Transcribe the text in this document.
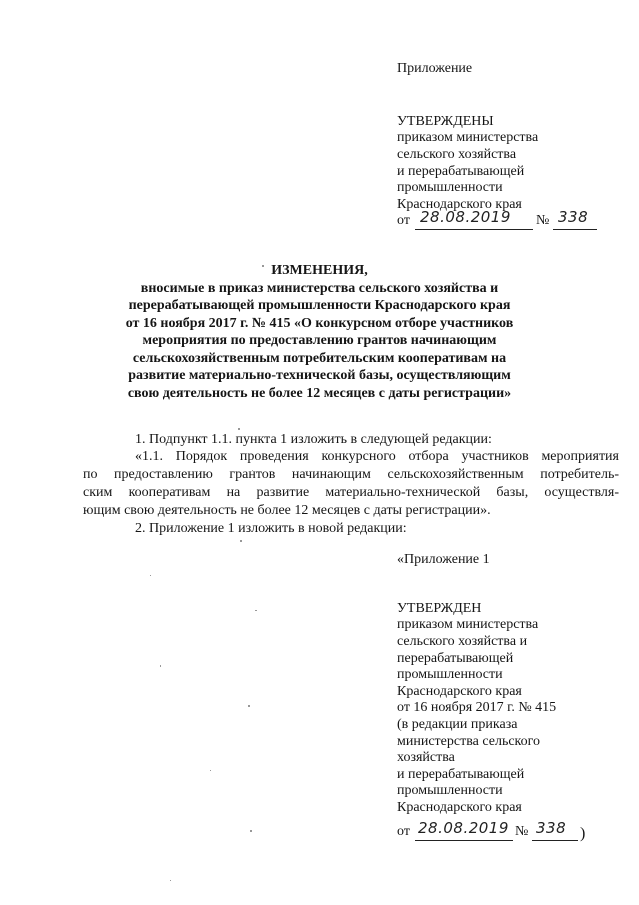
Приложение
УТВЕРЖДЕНЫ
приказом министерства
сельского хозяйства
и перерабатывающей
промышленности
Краснодарского края
от 28.08.2019 № 338
ИЗМЕНЕНИЯ,
вносимые в приказ министерства сельского хозяйства и
перерабатывающей промышленности Краснодарского края
от 16 ноября 2017 г. № 415 «О конкурсном отборе участников
мероприятия по предоставлению грантов начинающим
сельскохозяйственным потребительским кооперативам на
развитие материально-технической базы, осуществляющим
свою деятельность не более 12 месяцев с даты регистрации»
1. Подпункт 1.1. пункта 1 изложить в следующей редакции:
«1.1. Порядок проведения конкурсного отбора участников мероприятия
по предоставлению грантов начинающим сельскохозяйственным потребитель-
ским кооперативам на развитие материально-технической базы, осуществля-
ющим свою деятельность не более 12 месяцев с даты регистрации».
2. Приложение 1 изложить в новой редакции:
«Приложение 1
УТВЕРЖДЕН
приказом министерства
сельского хозяйства и
перерабатывающей
промышленности
Краснодарского края
от 16 ноября 2017 г. № 415
(в редакции приказа
министерства сельского
хозяйства
и перерабатывающей
промышленности
Краснодарского края
от 28.08.2019 № 338 )
